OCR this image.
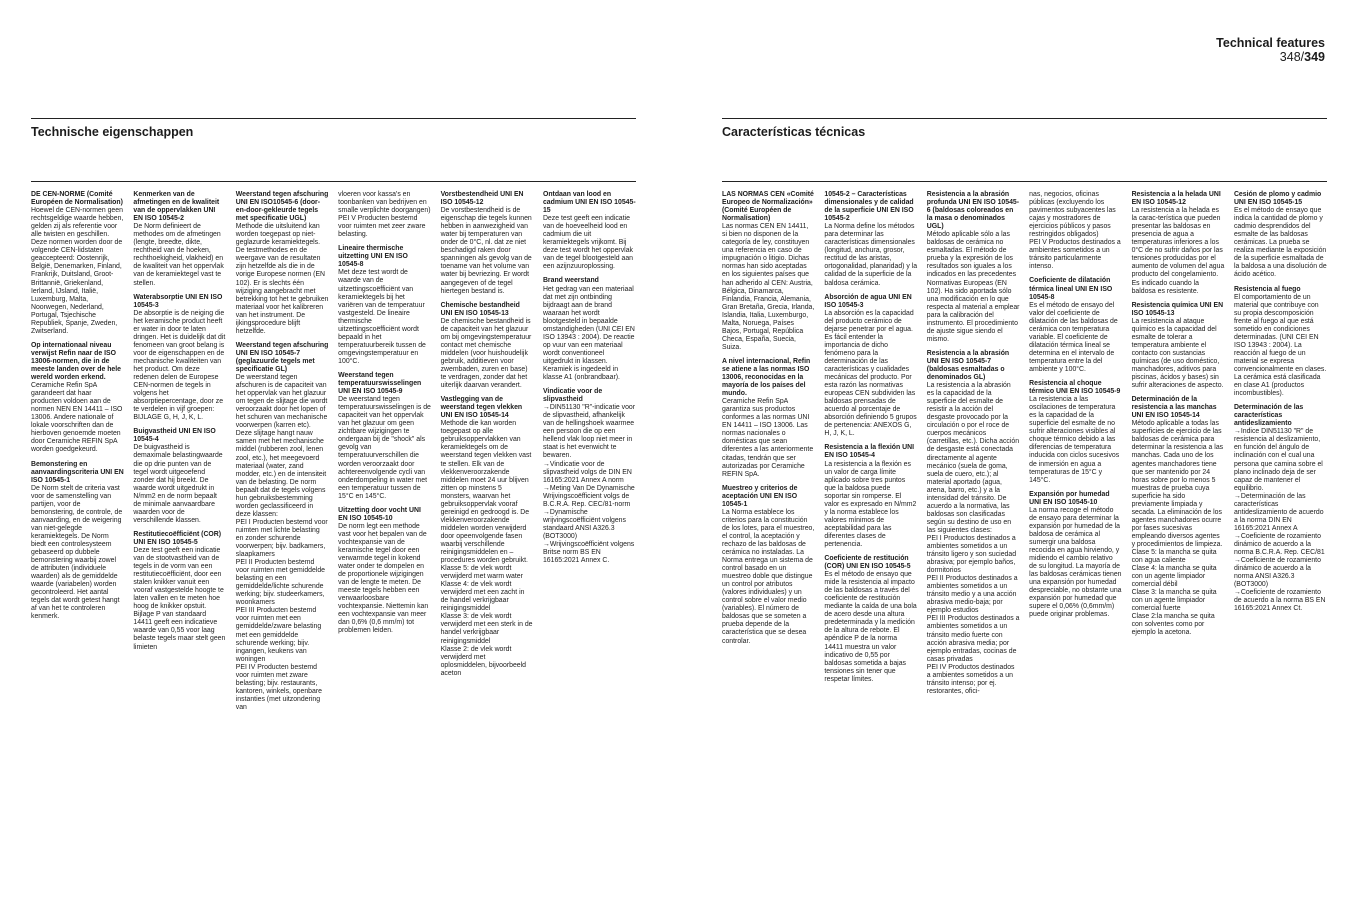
Technical features
348/349
Technische eigenschappen
DE CEN-NORME (Comité Européen de Normalisation)
Hoewel de CEN-normen geen rechtsgeldige waarde hebben, gelden zij als referentie voor alle twisten en geschillen. Deze normen worden door de volgende CEN-lidstaten geaccepteerd: Oostenrijk, België, Denemarken, Finland, Frankrijk, Duitsland, Groot- Brittannië, Griekenland, Ierland, IJsland, Italië, Luxemburg, Malta, Noorwegen, Nederland, Portugal, Tsjechische Republiek, Spanje, Zweden, Zwitserland.
Op internationaal niveau verwijst Refin naar de ISO 13006-normen, die in de meeste landen over de hele wereld worden erkend.
Ceramiche Refin SpA garandeert dat haar producten voldoen aan de normen NEN EN 14411 – ISO 13006. Andere nationale of lokale voorschriften dan de hierboven genoemde moeten door Ceramiche REFIN SpA worden goedgekeurd.
Bemonstering en aanvaardingscriteria UNI EN ISO 10545-1
De Norm stelt de criteria vast voor de samenstelling van partijen, voor de bemonstering, de controle, de aanvaarding, en de weigering van niet-gelegde keramiektegels. De Norm biedt een controlesysteem gebaseerd op dubbele bemonstering waarbij zowel de attributen (individuele waarden) als de gemiddelde waarde (variabelen) worden gecontroleerd. Het aantal tegels dat wordt getest hangt af van het te controleren kenmerk.
Kenmerken van de afmetingen en de kwaliteit van de oppervlakken UNI EN ISO 10545-2
De Norm definieert de methodes om de afmetingen (lengte, breedte, dikte, rechtheid van de hoeken, rechthoekigheid, vlakheid) en de kwaliteit van het oppervlak van de keramiektegel vast te stellen.
Waterabsorptie UNI EN ISO 10545-3
De absorptie is de neiging die het keramische product heeft er water in door te laten dringen. Het is duidelijk dat dit fenomeen van groot belang is voor de eigenschappen en de mechanische kwaliteiten van het product. Om deze redenen delen de Europese CEN-normen de tegels in volgens het absorptiepercentage, door ze te verdelen in vijf groepen: BIJLAGE G, H, J, K, L.
Buigvastheid UNI EN ISO 10545-4
De buigvastheid is demaximale belastingwaarde die op drie punten van de tegel wordt uitgeoefend zonder dat hij breekt. De waarde wordt uitgedrukt in N/mm2 en de norm bepaalt de minimale aanvaardbare waarden voor de verschillende klassen.
Restitutiecoëfficiënt (COR) UNI EN ISO 10545-5
Deze test geeft een indicatie van de stootvastheid van de tegels in de vorm van een restitutiecoëfficiënt, door een stalen knikker vanuit een vooraf vastgestelde hoogte te laten vallen en te meten hoe hoog de knikker opstuit. Bijlage P van standaard 14411 geeft een indicatieve waarde van 0,55 voor laag belaste tegels maar stelt geen limieten
Weerstand tegen afschuring UNI EN ISO10545-6 (door-en-door-gekleurde tegels met specificatie UGL)
Methode die uitsluitend kan worden toegepast op niet-geglazurde keramiektegels. De testmethodes en de weergave van de resultaten zijn hetzelfde als die in de vorige Europese normen (EN 102). Er is slechts één wijziging aangebracht met betrekking tot het te gebruiken materiaal voor het kalibreren van het instrument. De ijkingsprocedure blijft hetzelfde.
Weerstand tegen afschuring UNI EN ISO 10545-7 (geglazuurde tegels met specificatie GL)
De weerstand tegen afschuren is de capaciteit van het oppervlak van het glazuur om tegen de slijtage die wordt veroorzaakt door het lopen of het schuren van mechanische voorwerpen (karren etc). Deze slijtage hangt nauw samen met het mechanische middel (rubberen zool, lenen zool, etc.), het meegevoerd materiaal (water, zand modder, etc.) en de intensiteit van de belasting. De norm bepaalt dat de tegels volgens hun gebruiksbestemming worden geclassificeerd in deze klassen:
PEI I Producten bestemd voor ruimten met lichte belasting en zonder schurende voorwerpen; bijv. badkamers, slaapkamers
PEI II Producten bestemd voor ruimten met gemiddelde belasting en een gemiddelde/lichte schurende werking; bijv. studeerkamers, woonkamers
PEI III Producten bestemd voor ruimten met een gemiddelde/zware belasting met een gemiddelde schurende werking; bijv. ingangen, keukens van woningen
PEI IV Producten bestemd voor ruimten met zware belasting; bijv. restaurants, kantoren, winkels, openbare instanties (met uitzondering van
vloeren voor kassa's en toonbanken van bedrijven en smalle verplichte doorgangen)
PEI V Producten bestemd voor ruimten met zeer zware belasting.
Lineaire thermische uitzetting UNI EN ISO 10545-8
Met deze test wordt de waarde van de uitzettingscoëfficiënt van keramiektegels bij het variëren van de temperatuur vastgesteld. De lineaire thermische uitzettingscoëfficiënt wordt bepaald in het temperatuurbereik tussen de omgevingstemperatuur en 100°C.
Weerstand tegen temperatuurswisselingen UNI EN ISO 10545-9
De weerstand tegen temperatuurswisselingen is de capaciteit van het oppervlak van het glazuur om geen zichtbare wijzigingen te ondergaan bij de "shock" als gevolg van temperatuurverschillen die worden veroorzaakt door achtereenvolgende cycli van onderdompeling in water met een temperatuur tussen de 15°C en 145°C.
Uitzetting door vocht UNI EN ISO 10545-10
De norm legt een methode vast voor het bepalen van de vochtexpansie van de keramische tegel door een verwarmde tegel in kokend water onder te dompelen en de proportionele wijzigingen van de lengte te meten. De meeste tegels hebben een verwaarloosbare vochtexpansie. Niettemin kan een vochtexpansie van meer dan 0,6% (0,6 mm/m) tot problemen leiden.
Vorstbestendheid UNI EN ISO 10545-12
De vorstbestendheid is de eigenschap die tegels kunnen hebben in aanwezigheid van water bij temperaturen van onder de 0°C, nl. dat ze niet beschadigd raken door spanningen als gevolg van de toename van het volume van water bij bevriezing. Er wordt aangegeven of de tegel hiertegen bestand is.
Chemische bestandheid UNI EN ISO 10545-13
De chemische bestandheid is de capaciteit van het glazuur om bij omgevingstemperatuur contact met chemische middelen (voor huishoudelijk gebruik, additieven voor zwembaden, zuren en base) te verdragen, zonder dat het uiterlijk daarvan verandert.
Vastlegging van de weerstand tegen vlekken UNI EN ISO 10545-14
Methode die kan worden toegepast op alle gebruiksoppervlakken van keramiektegels om de weerstand tegen vlekken vast te stellen. Elk van de vlekkenveroorzakende middelen moet 24 uur blijven zitten op minstens 5 monsters, waarvan het gebruiksoppervlak vooraf gereinigd en gedroogd is. De vlekkenveroorzakende middelen worden verwijderd door opeenvolgende fasen waarbij verschillende reinigingsmiddelen en –procedures worden gebruikt.
Klasse 5: de vlek wordt verwijderd met warm water
Klasse 4: de vlek wordt verwijderd met een zacht in de handel verkrijgbaar reinigingsmiddel
Klasse 3: de vlek wordt verwijderd met een sterk in de handel verkrijgbaar reinigingsmiddel
Klasse 2: de vlek wordt verwijderd met oplosmiddelen, bijvoorbeeld aceton
Ontdaan van lood en cadmium UNI EN ISO 10545-15
Deze test geeft een indicatie van de hoeveelheid lood en cadmium die uit keramiektegels vrijkomt. Bij deze test wordt het oppervlak van de tegel blootgesteld aan een azijnzuuroplossing.
Brand weerstand
Het gedrag van een materiaal dat met zijn ontbinding bijdraagt aan de brand waaraan het wordt blootgesteld in bepaalde omstandigheden (UNI CEI EN ISO 13943 : 2004). De reactie op vuur van een materiaal wordt conventioneel uitgedrukt in klassen. Keramiek is ingedeeld in klasse A1 (onbrandbaar).
Vindicatie voor de slipvastheid
→DIN51130 "R"-indicatie voor de slipvastheid, afhankelijk van de hellingshoek waarmee een persoon die op een hellend vlak loop niet meer in staat is het evenwicht te bewaren.
→Vindicatie voor de slipvastheid volgs de DIN EN 16165:2021 Annex A norm
→Meting Van De Dynamische Wrijvingscoëfficient volgs de B.C.R.A. Rep. CEC/81-norm
→Dynamische wrijvingscoëfficiënt volgens standaard ANSI A326.3 (BOT3000)
→Wrijvingscoëfficiënt volgens Britse norm BS EN 16165:2021 Annex C.
Características técnicas
LAS NORMAS CEN «Comité Europeo de Normalización» (Comité Européen de Normalisation)
Las normas CEN EN 14411, si bien no disponen de la categoría de ley, constituyen una referencia en caso de impugnación o litigio. Dichas normas han sido aceptadas en los siguientes países que han adherido al CEN: Austria, Bélgica, Dinamarca, Finlandia, Francia, Alemania, Gran Bretaña, Grecia, Irlanda, Islandia, Italia, Luxemburgo, Malta, Noruega, Países Bajos, Portugal, República Checa, España, Suecia, Suiza.
A nivel internacional, Refin se atiene a las normas ISO 13006, reconocidas en la mayoría de los países del mundo.
Ceramiche Refin SpA garantiza sus productos conformes a las normas UNI EN 14411 – ISO 13006. Las normas nacionales o domésticas que sean diferentes a las anteriormente citadas, tendrán que ser autorizadas por Ceramiche REFIN SpA.
Muestreo y criterios de aceptación UNI EN ISO 10545-1
La Norma establece los criterios para la constitución de los lotes, para el muestreo, el control, la aceptación y rechazo de las baldosas de cerámica no instaladas. La Norma entrega un sistema de control basado en un muestreo doble que distingue un control por atributos (valores individuales) y un control sobre el valor medio (variables). El número de baldosas que se someten a prueba depende de la característica que se desea controlar.
10545-2 – Características dimensionales y de calidad de la superficie UNI EN ISO 10545-2
La Norma define los métodos para determinar las características dimensionales (longitud, anchura, grosor, rectitud de las aristas, ortogonalidad, planaridad) y la calidad de la superficie de la baldosa cerámica.
Absorción de agua UNI EN ISO 10545-3
La absorción es la capacidad del producto cerámico de dejarse penetrar por el agua. Es fácil entender la importancia de dicho fenómeno para la determinación de las características y cualidades mecánicas del producto. Por esta razón las normativas europeas CEN subdividen las baldosas prensadas de acuerdo al porcentaje de absorción definiendo 5 grupos de pertenencia: ANEXOS G, H, J, K, L.
Resistencia a la flexión UNI EN ISO 10545-4
La resistencia a la flexión es un valor de carga límite aplicado sobre tres puntos que la baldosa puede soportar sin romperse. El valor es expresado en N/mm2 y la norma establece los valores mínimos de aceptabilidad para las diferentes clases de pertenencia.
Coeficiente de restitución (COR) UNI EN ISO 10545-5
Es el método de ensayo que mide la resistencia al impacto de las baldosas a través del coeficiente de restitución mediante la caída de una bola de acero desde una altura predeterminada y la medición de la altura de rebote. El apéndice P de la norma 14411 muestra un valor indicativo de 0,55 por baldosas sometida a bajas tensiones sin tener que respetar límites.
Resistencia a la abrasión profunda UNI EN ISO 10545-6 (baldosas coloreados en la masa o denominados UGL)
Método aplicable sólo a las baldosas de cerámica no esmaltadas. El método de prueba y la expresión de los resultados son iguales a los indicados en las precedentes Normativas Europeas (EN 102). Ha sido aportada sólo una modificación en lo que respecta al material a emplear para la calibración del instrumento. El procedimiento de ajuste sigue siendo el mismo.
Resistencia a la abrasión UNI EN ISO 10545-7 (baldosas esmaltadas o denominados GL)
La resistencia a la abrasión es la capacidad de la superficie del esmalte de resistir a la acción del desgaste provocado por la circulación o por el roce de cuerpos mecánicos (carretillas, etc.). Dicha acción de desgaste está conectada directamente al agente mecánico (suela de goma, suela de cuero, etc.); al material aportado (agua, arena, barro, etc.) y a la intensidad del tránsito. De acuerdo a la normativa, las baldosas son clasificadas según su destino de uso en las siguientes clases:
PEI I Productos destinados a ambientes sometidos a un tránsito ligero y son suciedad abrasiva; por ejemplo baños, dormitorios
PEI II Productos destinados a ambientes sometidos a un tránsito medio y a una acción abrasiva medio-baja; por ejemplo estudios
PEI III Productos destinados a ambientes sometidos a un tránsito medio fuerte con acción abrasiva media; por ejemplo entradas, cocinas de casas privadas
PEI IV Productos destinados a ambientes sometidos a un tránsito intenso; por ej. restorantes, ofici-
nas, negocios, oficinas públicas (excluyendo los pavimentos subyacentes las cajas y mostradores de ejercicios públicos y pasos restringidos obligados)
PEI V Productos destinados a ambientes sometidos a un tránsito particularmente intenso.
Coeficiente de dilatación térmica lineal UNI EN ISO 10545-8
Es el método de ensayo del valor del coeficiente de dilatación de las baldosas de cerámica con temperatura variable. El coeficiente de dilatación térmica lineal se determina en el intervalo de temperatura entre la del ambiente y 100°C.
Resistencia al choque térmico UNI EN ISO 10545-9
La resistencia a las oscilaciones de temperatura es la capacidad de la superficie del esmalte de no sufrir alteraciones visibles al choque térmico debido a las diferencias de temperatura inducida con ciclos sucesivos de inmersión en agua a temperaturas de 15°C y 145°C.
Expansión por humedad UNI EN ISO 10545-10
La norma recoge el método de ensayo para determinar la expansión por humedad de la baldosa de cerámica al sumergir una baldosa recocida en agua hirviendo, y midiendo el cambio relativo de su longitud. La mayoría de las baldosas cerámicas tienen una expansión por humedad despreciable, no obstante una expansión por humedad que supere el 0,06% (0,6mm/m) puede originar problemas.
Resistencia a la helada UNI EN ISO 10545-12
La resistencia a la helada es la carac-terística que pueden presentar las baldosas en presencia de agua a temperaturas inferiores a los 0°C de no sufrir daños por las tensiones producidas por el aumento de volumen del agua producto del congelamiento. Es indicado cuando la baldosa es resistente.
Resistencia química UNI EN ISO 10545-13
La resistencia al ataque químico es la capacidad del esmalte de tolerar a temperatura ambiente el contacto con sustancias químicas (de uso doméstico, manchadores, aditivos para piscinas, ácidos y bases) sin sufrir alteraciones de aspecto.
Determinación de la resistencia a las manchas UNI EN ISO 10545-14
Método aplicable a todas las superficies de ejercicio de las baldosas de cerámica para determinar la resistencia a las manchas. Cada uno de los agentes manchadores tiene que ser mantenido por 24 horas sobre por lo menos 5 muestras de prueba cuya superficie ha sido previamente limpiada y secada. La eliminación de los agentes manchadores ocurre por fases sucesivas empleando diversos agentes y procedimientos de limpieza.
Clase 5: la mancha se quita con agua caliente
Clase 4: la mancha se quita con un agente limpiador comercial débil
Clase 3: la mancha se quita con un agente limpiador comercial fuerte
Clase 2:la mancha se quita con solventes como por ejemplo la acetona.
Cesión de plomo y cadmio UNI EN ISO 10545-15
Es el método de ensayo que indica la cantidad de plomo y cadmio desprendidos del esmalte de las baldosas cerámicas. La prueba se realiza mediante la exposición de la superficie esmaltada de la baldosa a una disolución de ácido acético.
Resistencia al fuego
El comportamiento de un material que contribuye con su propia descomposición frente al fuego al que está sometido en condiciones determinadas. (UNI CEI EN ISO 13943 : 2004). La reacción al fuego de un material se expresa convencionalmente en clases. La cerámica está clasificada en clase A1 (productos incombustibles).
Determinación de las características antideslizamiento
→Indice DIN51130 "R" de resistencia al deslizamiento, en función del ángulo de inclinación con el cual una persona que camina sobre el plano inclinado deja de ser capaz de mantener el equilibrio.
→Determinación de las características antideslizamiento de acuerdo a la norma DIN EN 16165:2021 Annex A
→Coeficiente de rozamiento dinámico de acuerdo a la norma B.C.R.A. Rep. CEC/81
→Coeficiente de rozamiento dinámico de acuerdo a la norma ANSI A326.3 (BOT3000)
→Coeficiente de rozamiento de acuerdo a la norma BS EN 16165:2021 Annex Ct.
